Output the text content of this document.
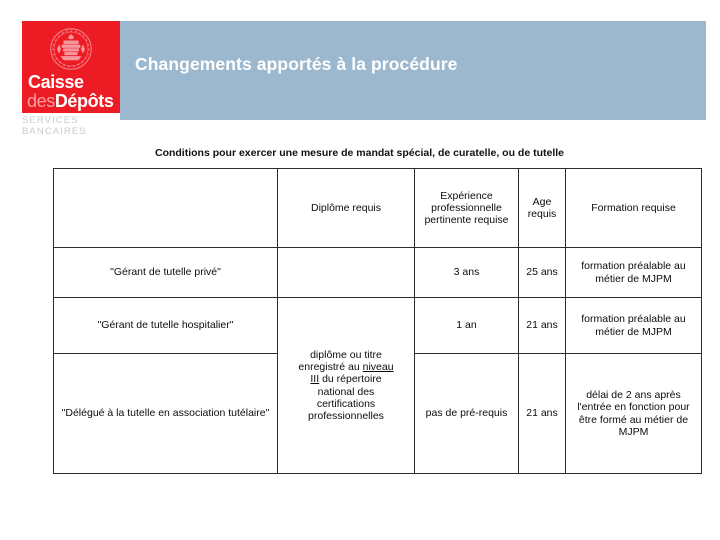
Changements apportés à la procédure
Caisse
desDépôts
SERVICES
BANCAIRES
Conditions pour exercer une mesure de mandat spécial, de curatelle, ou de tutelle
	Diplôme requis	Expérience professionnelle pertinente requise	Age requis	Formation requise
"Gérant de tutelle privé"		3 ans	25 ans	formation préalable au métier de MJPM
"Gérant de tutelle hospitalier"	diplôme ou titre
enregistré au niveau
III du répertoire
national des
certifications
professionnelles	1 an	21 ans	formation préalable au métier de MJPM
"Délégué à la tutelle en association tutélaire"		pas de pré-requis	21 ans	délai de 2 ans après l'entrée en fonction pour être formé au métier de MJPM
